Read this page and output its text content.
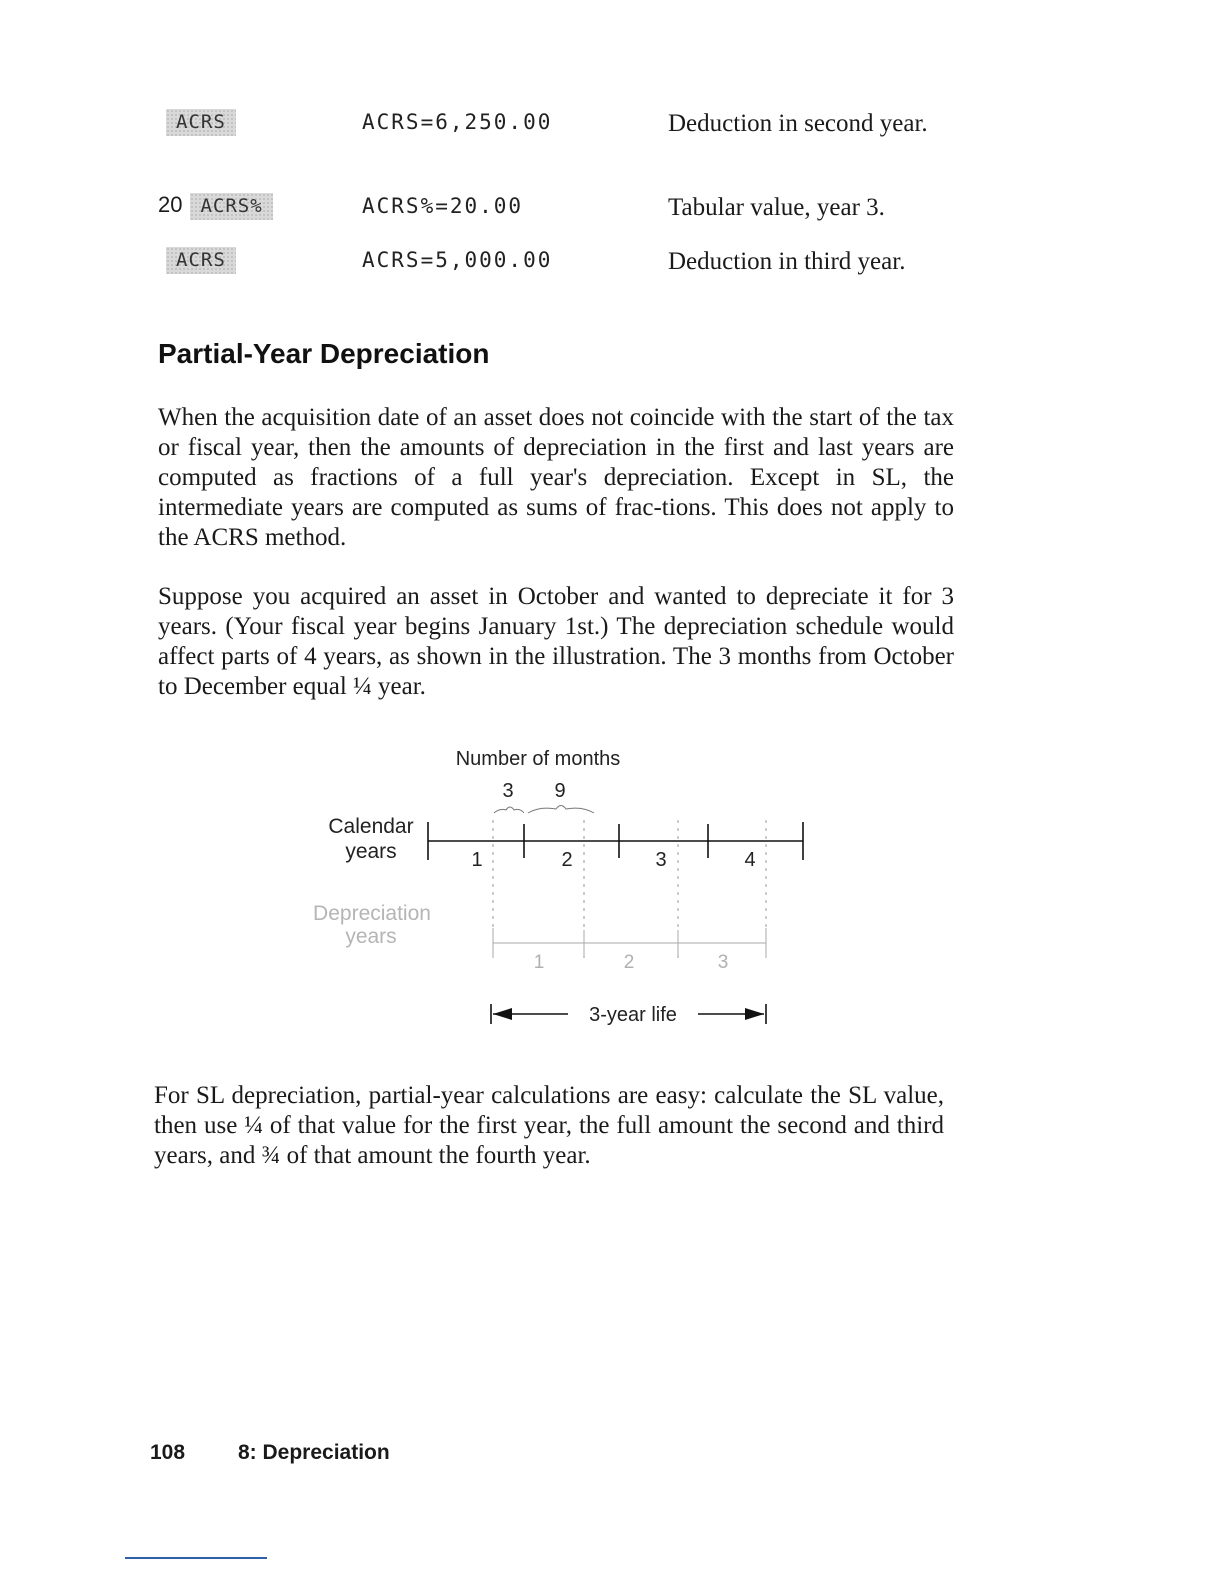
ACRS	ACRS=6,250.00	Deduction in second year.
20 ACRS%	ACRS%=20.00	Tabular value, year 3.
ACRS	ACRS=5,000.00	Deduction in third year.
Partial-Year Depreciation

When the acquisition date of an asset does not coincide with the start of the tax or fiscal year, then the amounts of depreciation in the first and last years are computed as fractions of a full year's depreciation. Except in SL, the intermediate years are computed as sums of frac-tions. This does not apply to the ACRS method.

Suppose you acquired an asset in October and wanted to depreciate it for 3 years. (Your fiscal year begins January 1st.) The depreciation schedule would affect parts of 4 years, as shown in the illustration. The 3 months from October to December equal ¼ year.

Number of months
3 9
Calendar
years	1	2	3	4
Depreciation
years
1	2	3
3-year life

For SL depreciation, partial-year calculations are easy: calculate the SL value, then use ¼ of that value for the first year, the full amount the second and third years, and ¾ of that amount the fourth year.

108	8: Depreciation
